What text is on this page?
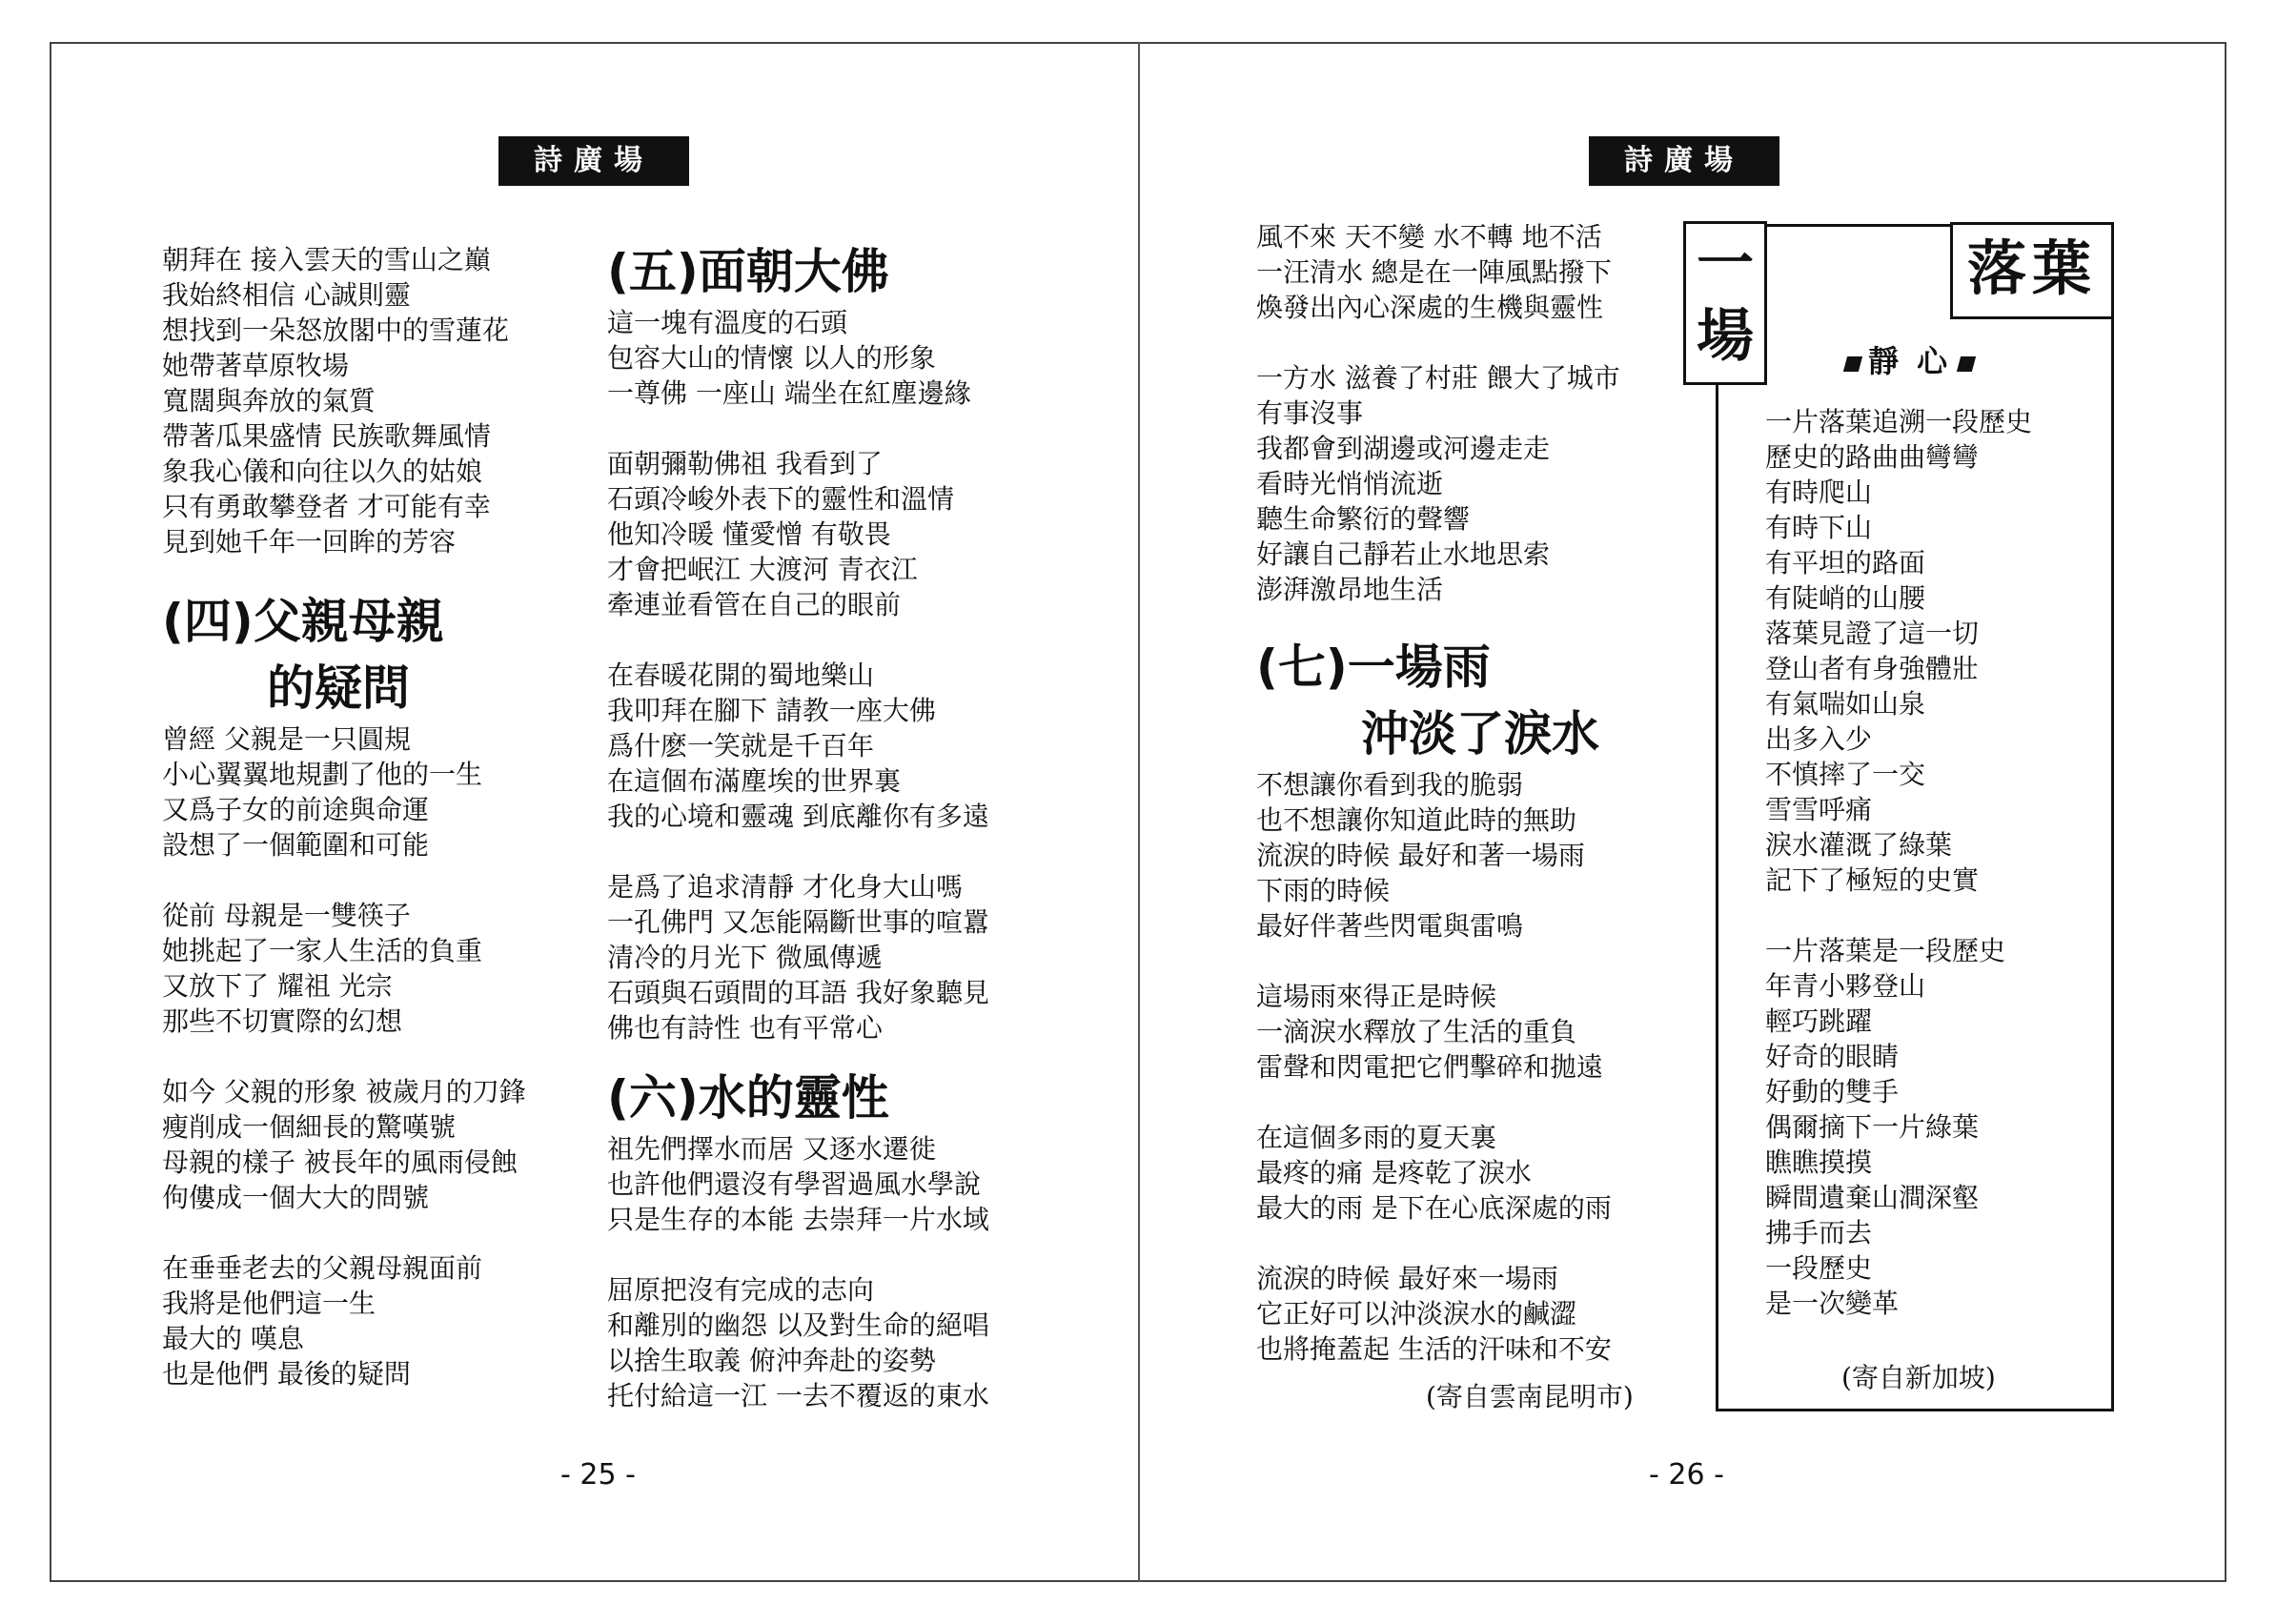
詩廣場
朝拜在 接入雲天的雪山之巔
我始終相信 心誠則靈
想找到一朵怒放閣中的雪蓮花
她帶著草原牧場
寬闊與奔放的氣質
帶著瓜果盛情 民族歌舞風情
象我心儀和向往以久的姑娘
只有勇敢攀登者 才可能有幸
見到她千年一回眸的芳容
(四)父親母親
的疑問
曾經 父親是一只圓規
小心翼翼地規劃了他的一生
又爲子女的前途與命運
設想了一個範圍和可能
從前 母親是一雙筷子
她挑起了一家人生活的負重
又放下了 耀祖 光宗
那些不切實際的幻想
如今 父親的形象 被歲月的刀鋒
瘦削成一個細長的驚嘆號
母親的樣子 被長年的風雨侵蝕
佝僂成一個大大的問號
在垂垂老去的父親母親面前
我將是他們這一生
最大的 嘆息
也是他們 最後的疑問
(五)面朝大佛
這一塊有溫度的石頭
包容大山的情懷 以人的形象
一尊佛 一座山 端坐在紅塵邊緣
面朝彌勒佛祖 我看到了
石頭冷峻外表下的靈性和溫情
他知冷暖 懂愛憎 有敬畏
才會把岷江 大渡河 青衣江
牽連並看管在自己的眼前
在春暖花開的蜀地樂山
我叩拜在腳下 請教一座大佛
爲什麽一笑就是千百年
在這個布滿塵埃的世界裏
我的心境和靈魂 到底離你有多遠
是爲了追求清靜 才化身大山嗎
一孔佛門 又怎能隔斷世事的喧囂
清冷的月光下 微風傳遞
石頭與石頭間的耳語 我好象聽見
佛也有詩性 也有平常心
(六)水的靈性
祖先們擇水而居 又逐水遷徙
也許他們還沒有學習過風水學說
只是生存的本能 去崇拜一片水域
屈原把沒有完成的志向
和離別的幽怨 以及對生命的絕唱
以捨生取義 俯沖奔赴的姿勢
托付給這一江 一去不覆返的東水
- 25 -
詩廣場
風不來 天不變 水不轉 地不活
一汪清水 總是在一陣風點撥下
煥發出內心深處的生機與靈性
一方水 滋養了村莊 餵大了城市
有事沒事
我都會到湖邊或河邊走走
看時光悄悄流逝
聽生命繁衍的聲響
好讓自己靜若止水地思索
澎湃激昂地生活
(七)一場雨
沖淡了淚水
不想讓你看到我的脆弱
也不想讓你知道此時的無助
流淚的時候 最好和著一場雨
下雨的時候
最好伴著些閃電與雷鳴
這場雨來得正是時候
一滴淚水釋放了生活的重負
雷聲和閃電把它們擊碎和拋遠
在這個多雨的夏天裏
最疼的痛 是疼乾了淚水
最大的雨 是下在心底深處的雨
流淚的時候 最好來一場雨
它正好可以沖淡淚水的鹹澀
也將掩蓋起 生活的汗味和不安
(寄自雲南昆明市)
一
場
落葉
靜 心
一片落葉追溯一段歷史
歷史的路曲曲彎彎
有時爬山
有時下山
有平坦的路面
有陡峭的山腰
落葉見證了這一切
登山者有身強體壯
有氣喘如山泉
出多入少
不慎摔了一交
雪雪呼痛
淚水灌溉了綠葉
記下了極短的史實
一片落葉是一段歷史
年青小夥登山
輕巧跳躍
好奇的眼睛
好動的雙手
偶爾摘下一片綠葉
瞧瞧摸摸
瞬間遺棄山澗深壑
拂手而去
一段歷史
是一次變革
(寄自新加坡)
- 26 -
